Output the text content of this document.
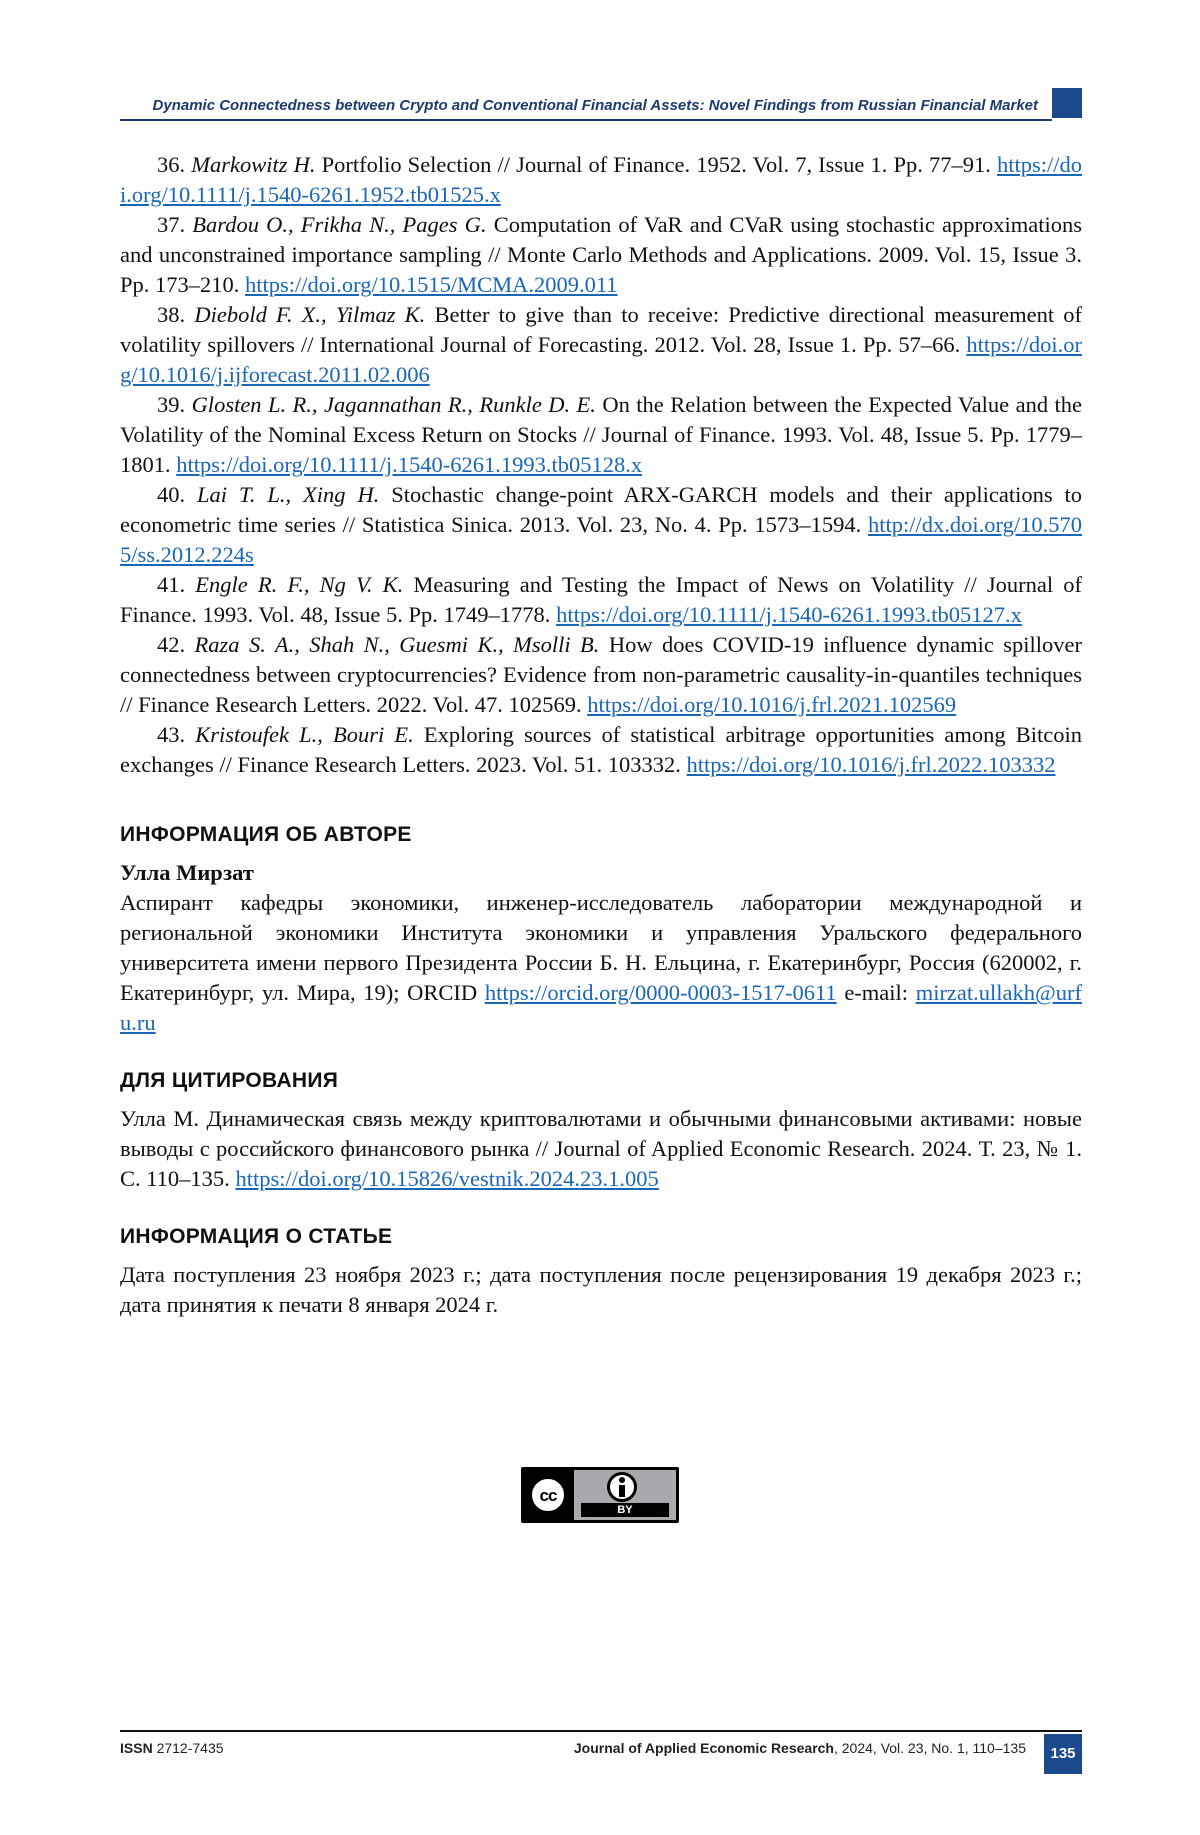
Dynamic Connectedness between Crypto and Conventional Financial Assets: Novel Findings from Russian Financial Market

36. Markowitz H. Portfolio Selection // Journal of Finance. 1952. Vol. 7, Issue 1. Pp. 77–91. https://doi.org/10.1111/j.1540-6261.1952.tb01525.x

37. Bardou O., Frikha N., Pages G. Computation of VaR and CVaR using stochastic approximations and unconstrained importance sampling // Monte Carlo Methods and Applications. 2009. Vol. 15, Issue 3. Pp. 173–210. https://doi.org/10.1515/MCMA.2009.011

38. Diebold F. X., Yilmaz K. Better to give than to receive: Predictive directional measurement of volatility spillovers // International Journal of Forecasting. 2012. Vol. 28, Issue 1. Pp. 57–66. https://doi.org/10.1016/j.ijforecast.2011.02.006

39. Glosten L. R., Jagannathan R., Runkle D. E. On the Relation between the Expected Value and the Volatility of the Nominal Excess Return on Stocks // Journal of Finance. 1993. Vol. 48, Issue 5. Pp. 1779–1801. https://doi.org/10.1111/j.1540-6261.1993.tb05128.x

40. Lai T. L., Xing H. Stochastic change-point ARX-GARCH models and their applications to econometric time series // Statistica Sinica. 2013. Vol. 23, No. 4. Pp. 1573–1594. http://dx.doi.org/10.5705/ss.2012.224s

41. Engle R. F., Ng V. K. Measuring and Testing the Impact of News on Volatility // Journal of Finance. 1993. Vol. 48, Issue 5. Pp. 1749–1778. https://doi.org/10.1111/j.1540-6261.1993.tb05127.x

42. Raza S. A., Shah N., Guesmi K., Msolli B. How does COVID-19 influence dynamic spillover connectedness between cryptocurrencies? Evidence from non-parametric causality-in-quantiles techniques // Finance Research Letters. 2022. Vol. 47. 102569. https://doi.org/10.1016/j.frl.2021.102569

43. Kristoufek L., Bouri E. Exploring sources of statistical arbitrage opportunities among Bitcoin exchanges // Finance Research Letters. 2023. Vol. 51. 103332. https://doi.org/10.1016/j.frl.2022.103332

ИНФОРМАЦИЯ ОБ АВТОРЕ

Улла Мирзат

Аспирант кафедры экономики, инженер-исследователь лаборатории международной и региональной экономики Института экономики и управления Уральского федерального университета имени первого Президента России Б. Н. Ельцина, г. Екатеринбург, Россия (620002, г. Екатеринбург, ул. Мира, 19); ORCID https://orcid.org/0000-0003-1517-0611 e-mail: mirzat.ullakh@urfu.ru

ДЛЯ ЦИТИРОВАНИЯ

Улла М. Динамическая связь между криптовалютами и обычными финансовыми активами: новые выводы с российского финансового рынка // Journal of Applied Economic Research. 2024. Т. 23, № 1. С. 110–135. https://doi.org/10.15826/vestnik.2024.23.1.005

ИНФОРМАЦИЯ О СТАТЬЕ

Дата поступления 23 ноября 2023 г.; дата поступления после рецензирования 19 декабря 2023 г.; дата принятия к печати 8 января 2024 г.

cc
BY
ISSN 2712-7435	Journal of Applied Economic Research, 2024, Vol. 23, No. 1, 110–135	135
